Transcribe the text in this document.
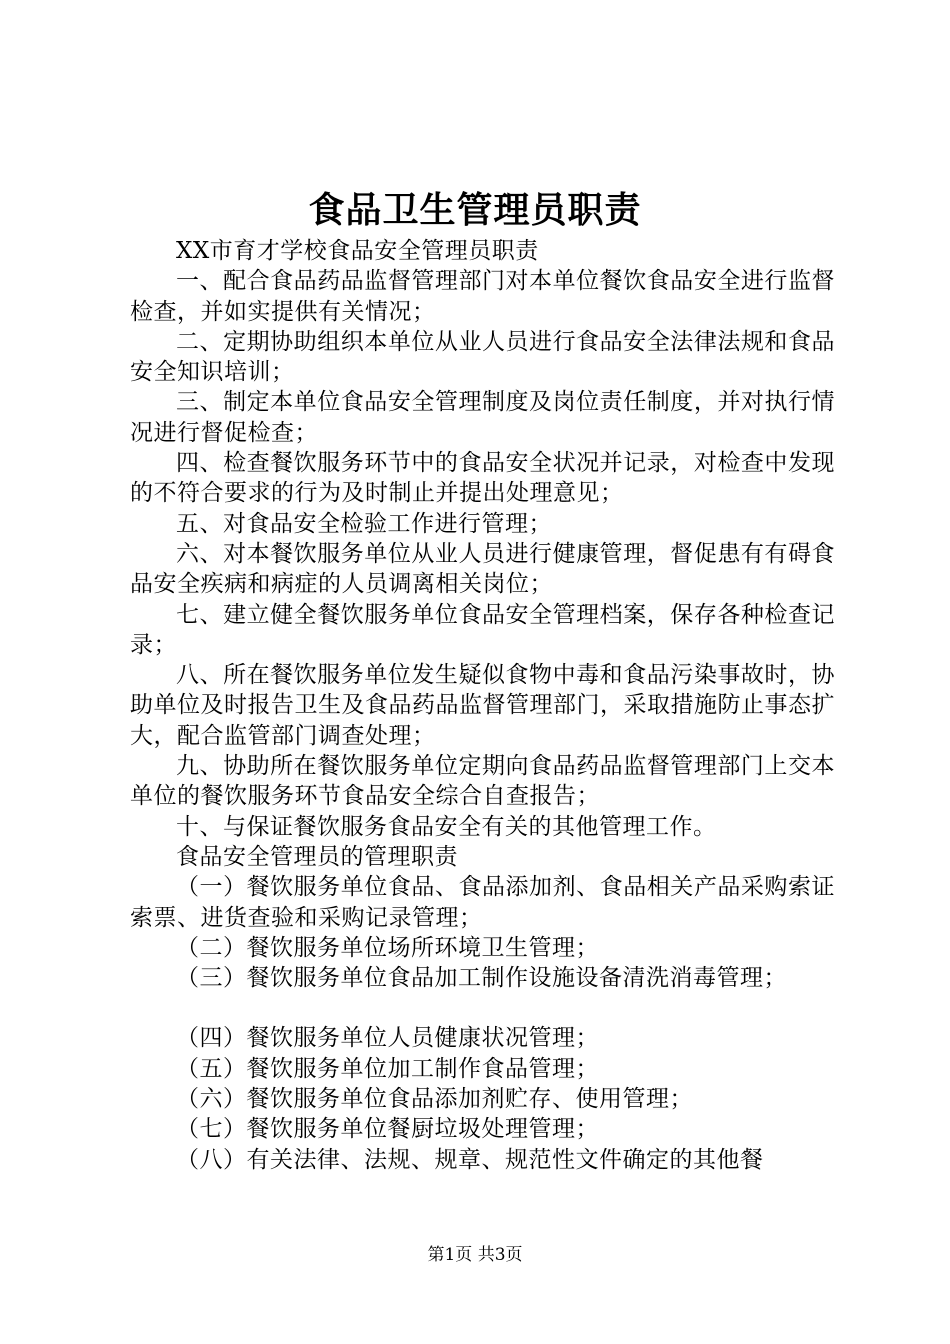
食品卫生管理员职责

XX市育才学校食品安全管理员职责

一、配合食品药品监督管理部门对本单位餐饮食品安全进行监督检查，并如实提供有关情况；

二、定期协助组织本单位从业人员进行食品安全法律法规和食品安全知识培训；

三、制定本单位食品安全管理制度及岗位责任制度，并对执行情况进行督促检查；

四、检查餐饮服务环节中的食品安全状况并记录，对检查中发现的不符合要求的行为及时制止并提出处理意见；

五、对食品安全检验工作进行管理；

六、对本餐饮服务单位从业人员进行健康管理，督促患有有碍食品安全疾病和病症的人员调离相关岗位；

七、建立健全餐饮服务单位食品安全管理档案，保存各种检查记录；

八、所在餐饮服务单位发生疑似食物中毒和食品污染事故时，协助单位及时报告卫生及食品药品监督管理部门，采取措施防止事态扩大，配合监管部门调查处理；

九、协助所在餐饮服务单位定期向食品药品监督管理部门上交本单位的餐饮服务环节食品安全综合自查报告；

十、与保证餐饮服务食品安全有关的其他管理工作。

食品安全管理员的管理职责

（一）餐饮服务单位食品、食品添加剂、食品相关产品采购索证索票、进货查验和采购记录管理；

（二）餐饮服务单位场所环境卫生管理；

（三）餐饮服务单位食品加工制作设施设备清洗消毒管理；

（四）餐饮服务单位人员健康状况管理；

（五）餐饮服务单位加工制作食品管理；

（六）餐饮服务单位食品添加剂贮存、使用管理；

（七）餐饮服务单位餐厨垃圾处理管理；

（八）有关法律、法规、规章、规范性文件确定的其他餐

第1页 共3页
